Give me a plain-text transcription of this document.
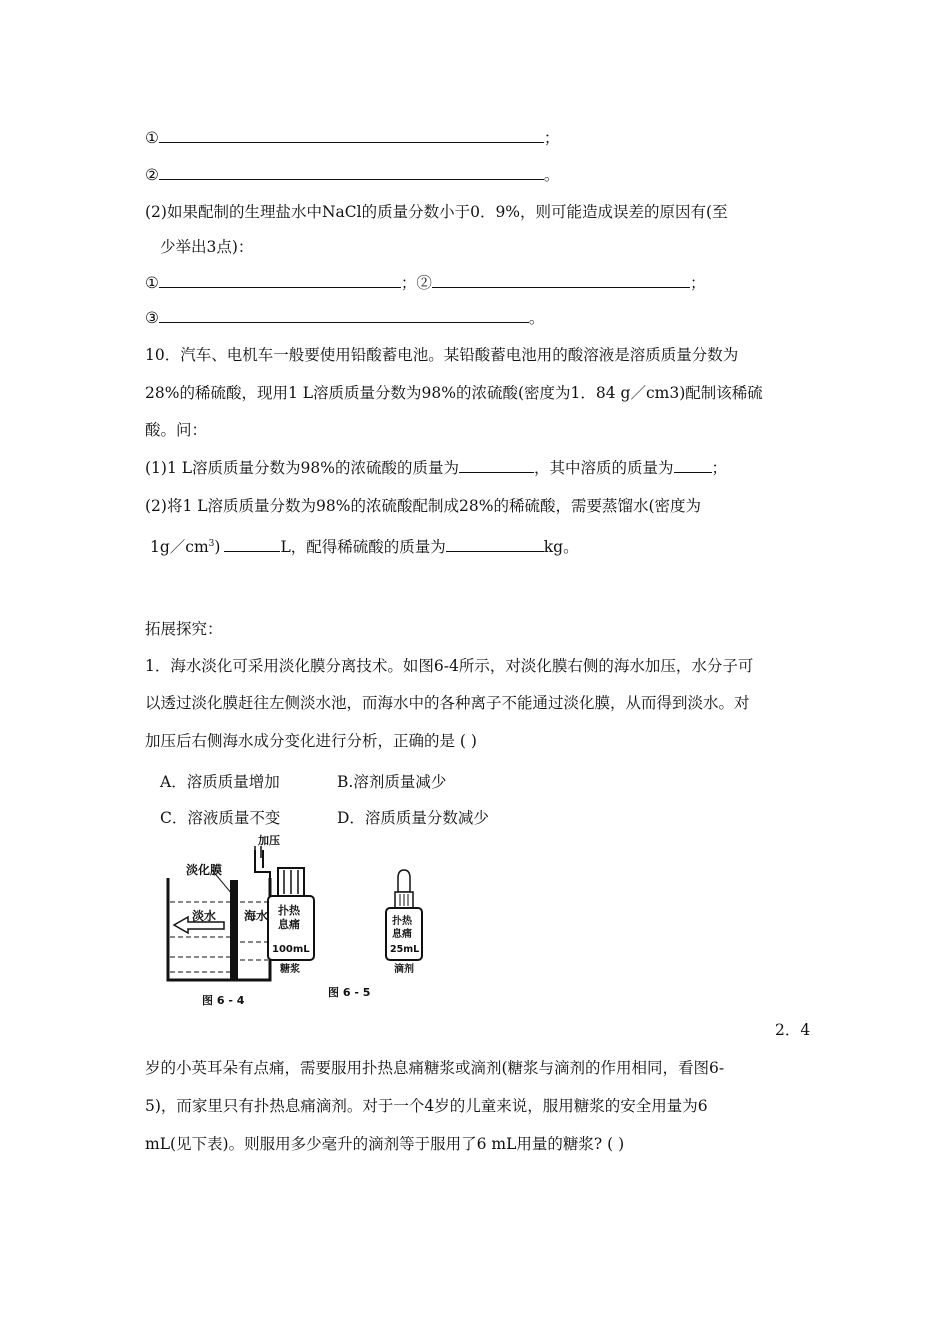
①	；
②	。
(2)如果配制的生理盐水中NaCl的质量分数小于0．9%，则可能造成误差的原因有(至
少举出3点)：
①	；②	；
③	。
10．汽车、电机车一般要使用铅酸蓄电池。某铅酸蓄电池用的酸溶液是溶质质量分数为
28%的稀硫酸，现用1 L溶质质量分数为98%的浓硫酸(密度为1．84 g／cm3)配制该稀硫
酸。问：
(1)1 L溶质质量分数为98%的浓硫酸的质量为	，其中溶质的质量为 ；
(2)将1 L溶质质量分数为98%的浓硫酸配制成28%的稀硫酸，需要蒸馏水(密度为
$1g/cm^3$)	L，配得稀硫酸的质量为	kg。
拓展探究：
1．海水淡化可采用淡化膜分离技术。如图6-4所示，对淡化膜右侧的海水加压，水分子可
以透过淡化膜赶往左侧淡水池，而海水中的各种离子不能通过淡化膜，从而得到淡水。对
加压后右侧海水成分变化进行分析，正确的是 ( )
A．溶质质量增加	B.溶剂质量减少
C．溶液质量不变	D．溶质质量分数减少
加压
淡化膜
淡水 海水
图 6 - 4
扑热
息痛
100mL
糖浆
扑热
息痛
25mL
滴剂
图 6 - 5
2．4
岁的小英耳朵有点痛，需要服用扑热息痛糖浆或滴剂(糖浆与滴剂的作用相同，看图6-
5)，而家里只有扑热息痛滴剂。对于一个4岁的儿童来说，服用糖浆的安全用量为6
mL(见下表)。则服用多少毫升的滴剂等于服用了6 mL用量的糖浆? ( )
